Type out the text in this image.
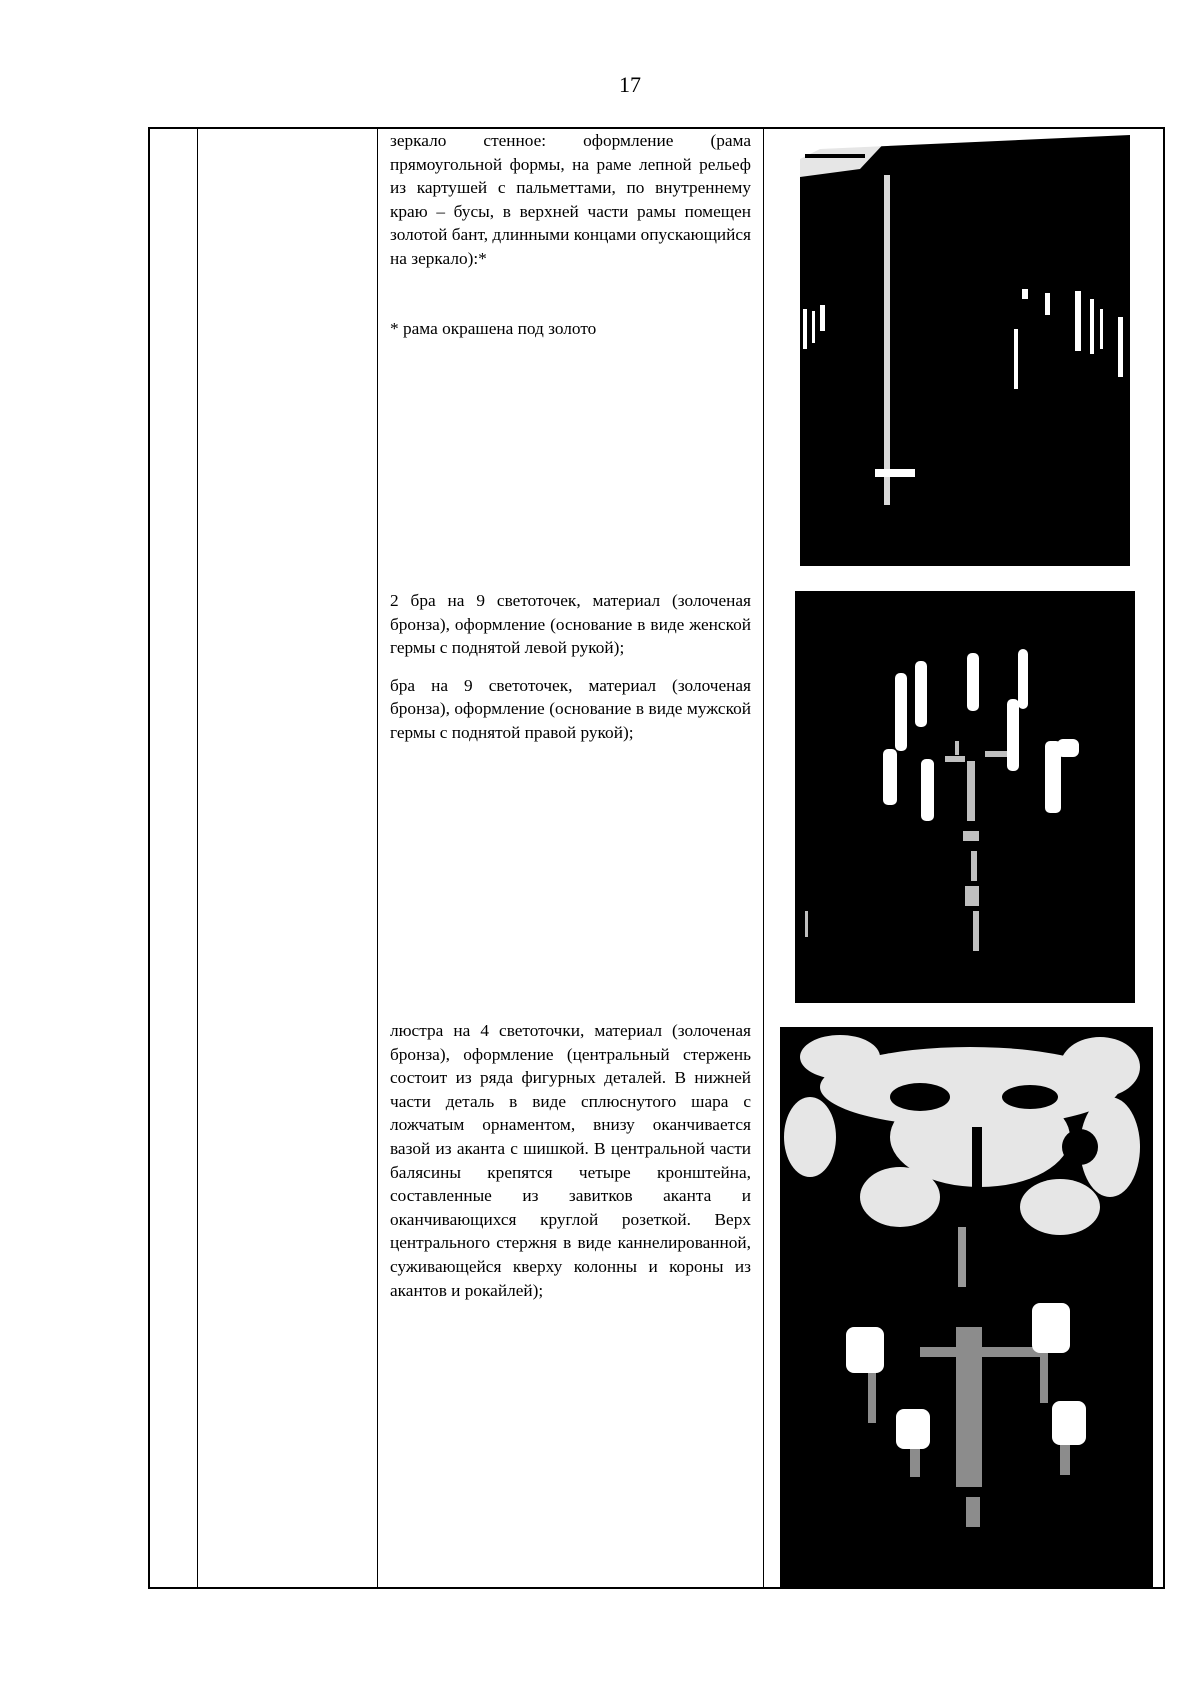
17

зеркало стенное: оформление (рама прямоугольной формы, на раме лепной рельеф из картушей с пальметтами, по внутреннему краю – бусы, в верхней части рамы помещен золотой бант, длинными концами опускающийся на зеркало):*

* рама окрашена под золото

2 бра на 9 светоточек, материал (золоченая бронза), оформление (основание в виде женской гермы с поднятой левой рукой);

бра на 9 светоточек, материал (золоченая бронза), оформление (основание в виде мужской гермы с поднятой правой рукой);

люстра на 4 светоточки, материал (золоченая бронза), оформление (центральный стержень состоит из ряда фигурных деталей. В нижней части деталь в виде сплюснутого шара с ложчатым орнаментом, внизу оканчивается вазой из аканта с шишкой. В центральной части балясины крепятся четыре кронштейна, составленные из завитков аканта и оканчивающихся круглой розеткой. Верх центрального стержня в виде каннелированной, суживающейся кверху колонны и короны из акантов и рокайлей);
